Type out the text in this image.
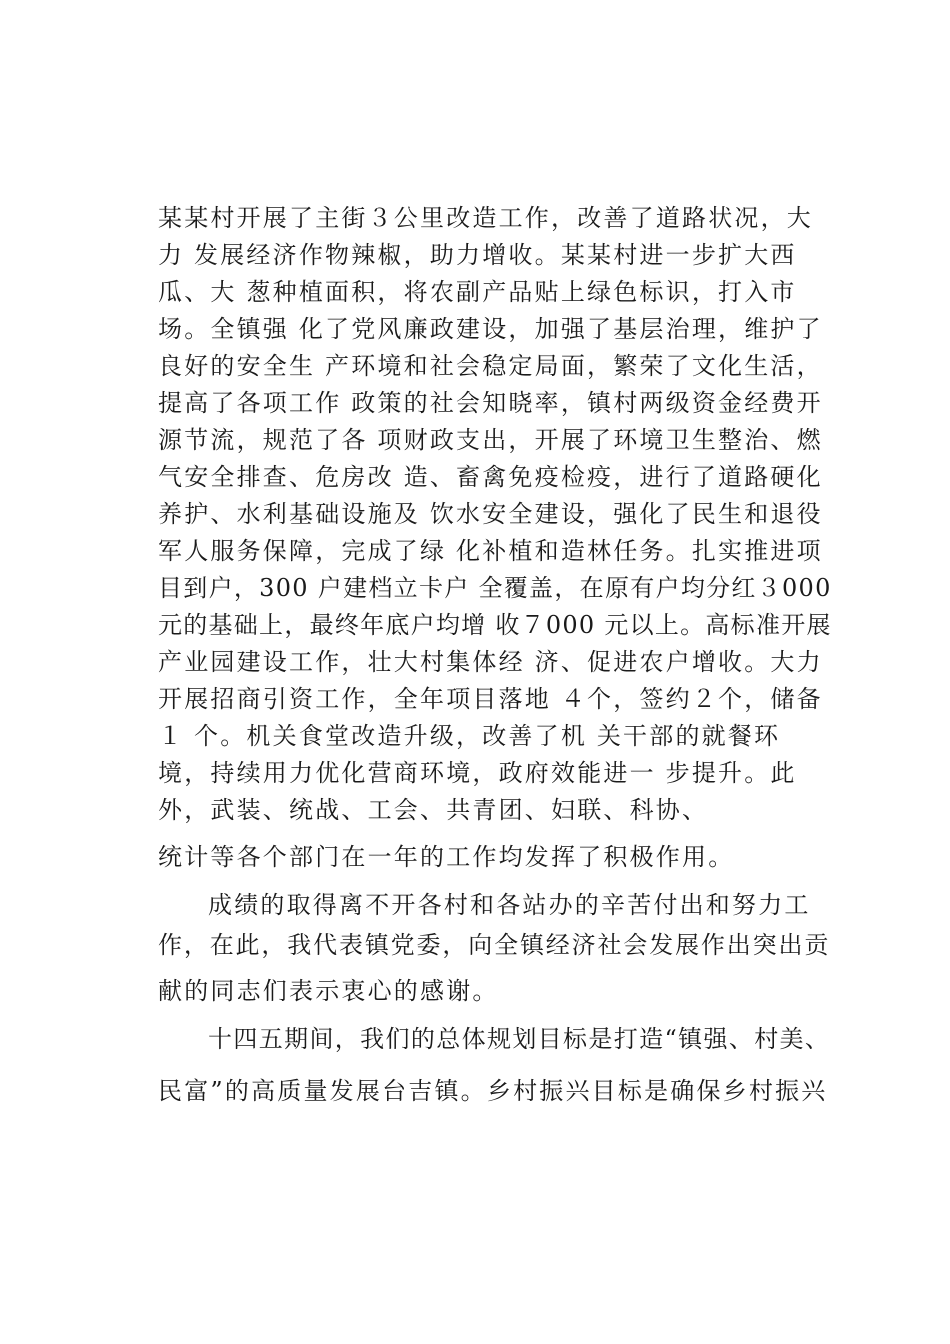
某某村开展了主街３公里改造工作，改善了道路状况，大
力 发展经济作物辣椒，助力增收。某某村进一步扩大西
瓜、大 葱种植面积，将农副产品贴上绿色标识，打入市
场。全镇强 化了党风廉政建设，加强了基层治理，维护了
良好的安全生 产环境和社会稳定局面，繁荣了文化生活，
提高了各项工作 政策的社会知晓率，镇村两级资金经费开
源节流，规范了各 项财政支出，开展了环境卫生整治、燃
气安全排查、危房改 造、畜禽免疫检疫，进行了道路硬化
养护、水利基础设施及 饮水安全建设，强化了民生和退役
军人服务保障，完成了绿 化补植和造林任务。扎实推进项
目到户，300 户建档立卡户 全覆盖，在原有户均分红３000
元的基础上，最终年底户均增 收７000 元以上。高标准开展
产业园建设工作，壮大村集体经 济、促进农户增收。大力
开展招商引资工作，全年项目落地 ４个，签约２个，储备
１ 个。机关食堂改造升级，改善了机 关干部的就餐环
境，持续用力优化营商环境，政府效能进一 步提升。此
外，武装、统战、工会、共青团、妇联、科协、
统计等各个部门在一年的工作均发挥了积极作用。
成绩的取得离不开各村和各站办的辛苦付出和努力工
作，在此，我代表镇党委，向全镇经济社会发展作出突出贡
献的同志们表示衷心的感谢。
十四五期间，我们的总体规划目标是打造“镇强、村美、
民富”的高质量发展台吉镇。乡村振兴目标是确保乡村振兴
